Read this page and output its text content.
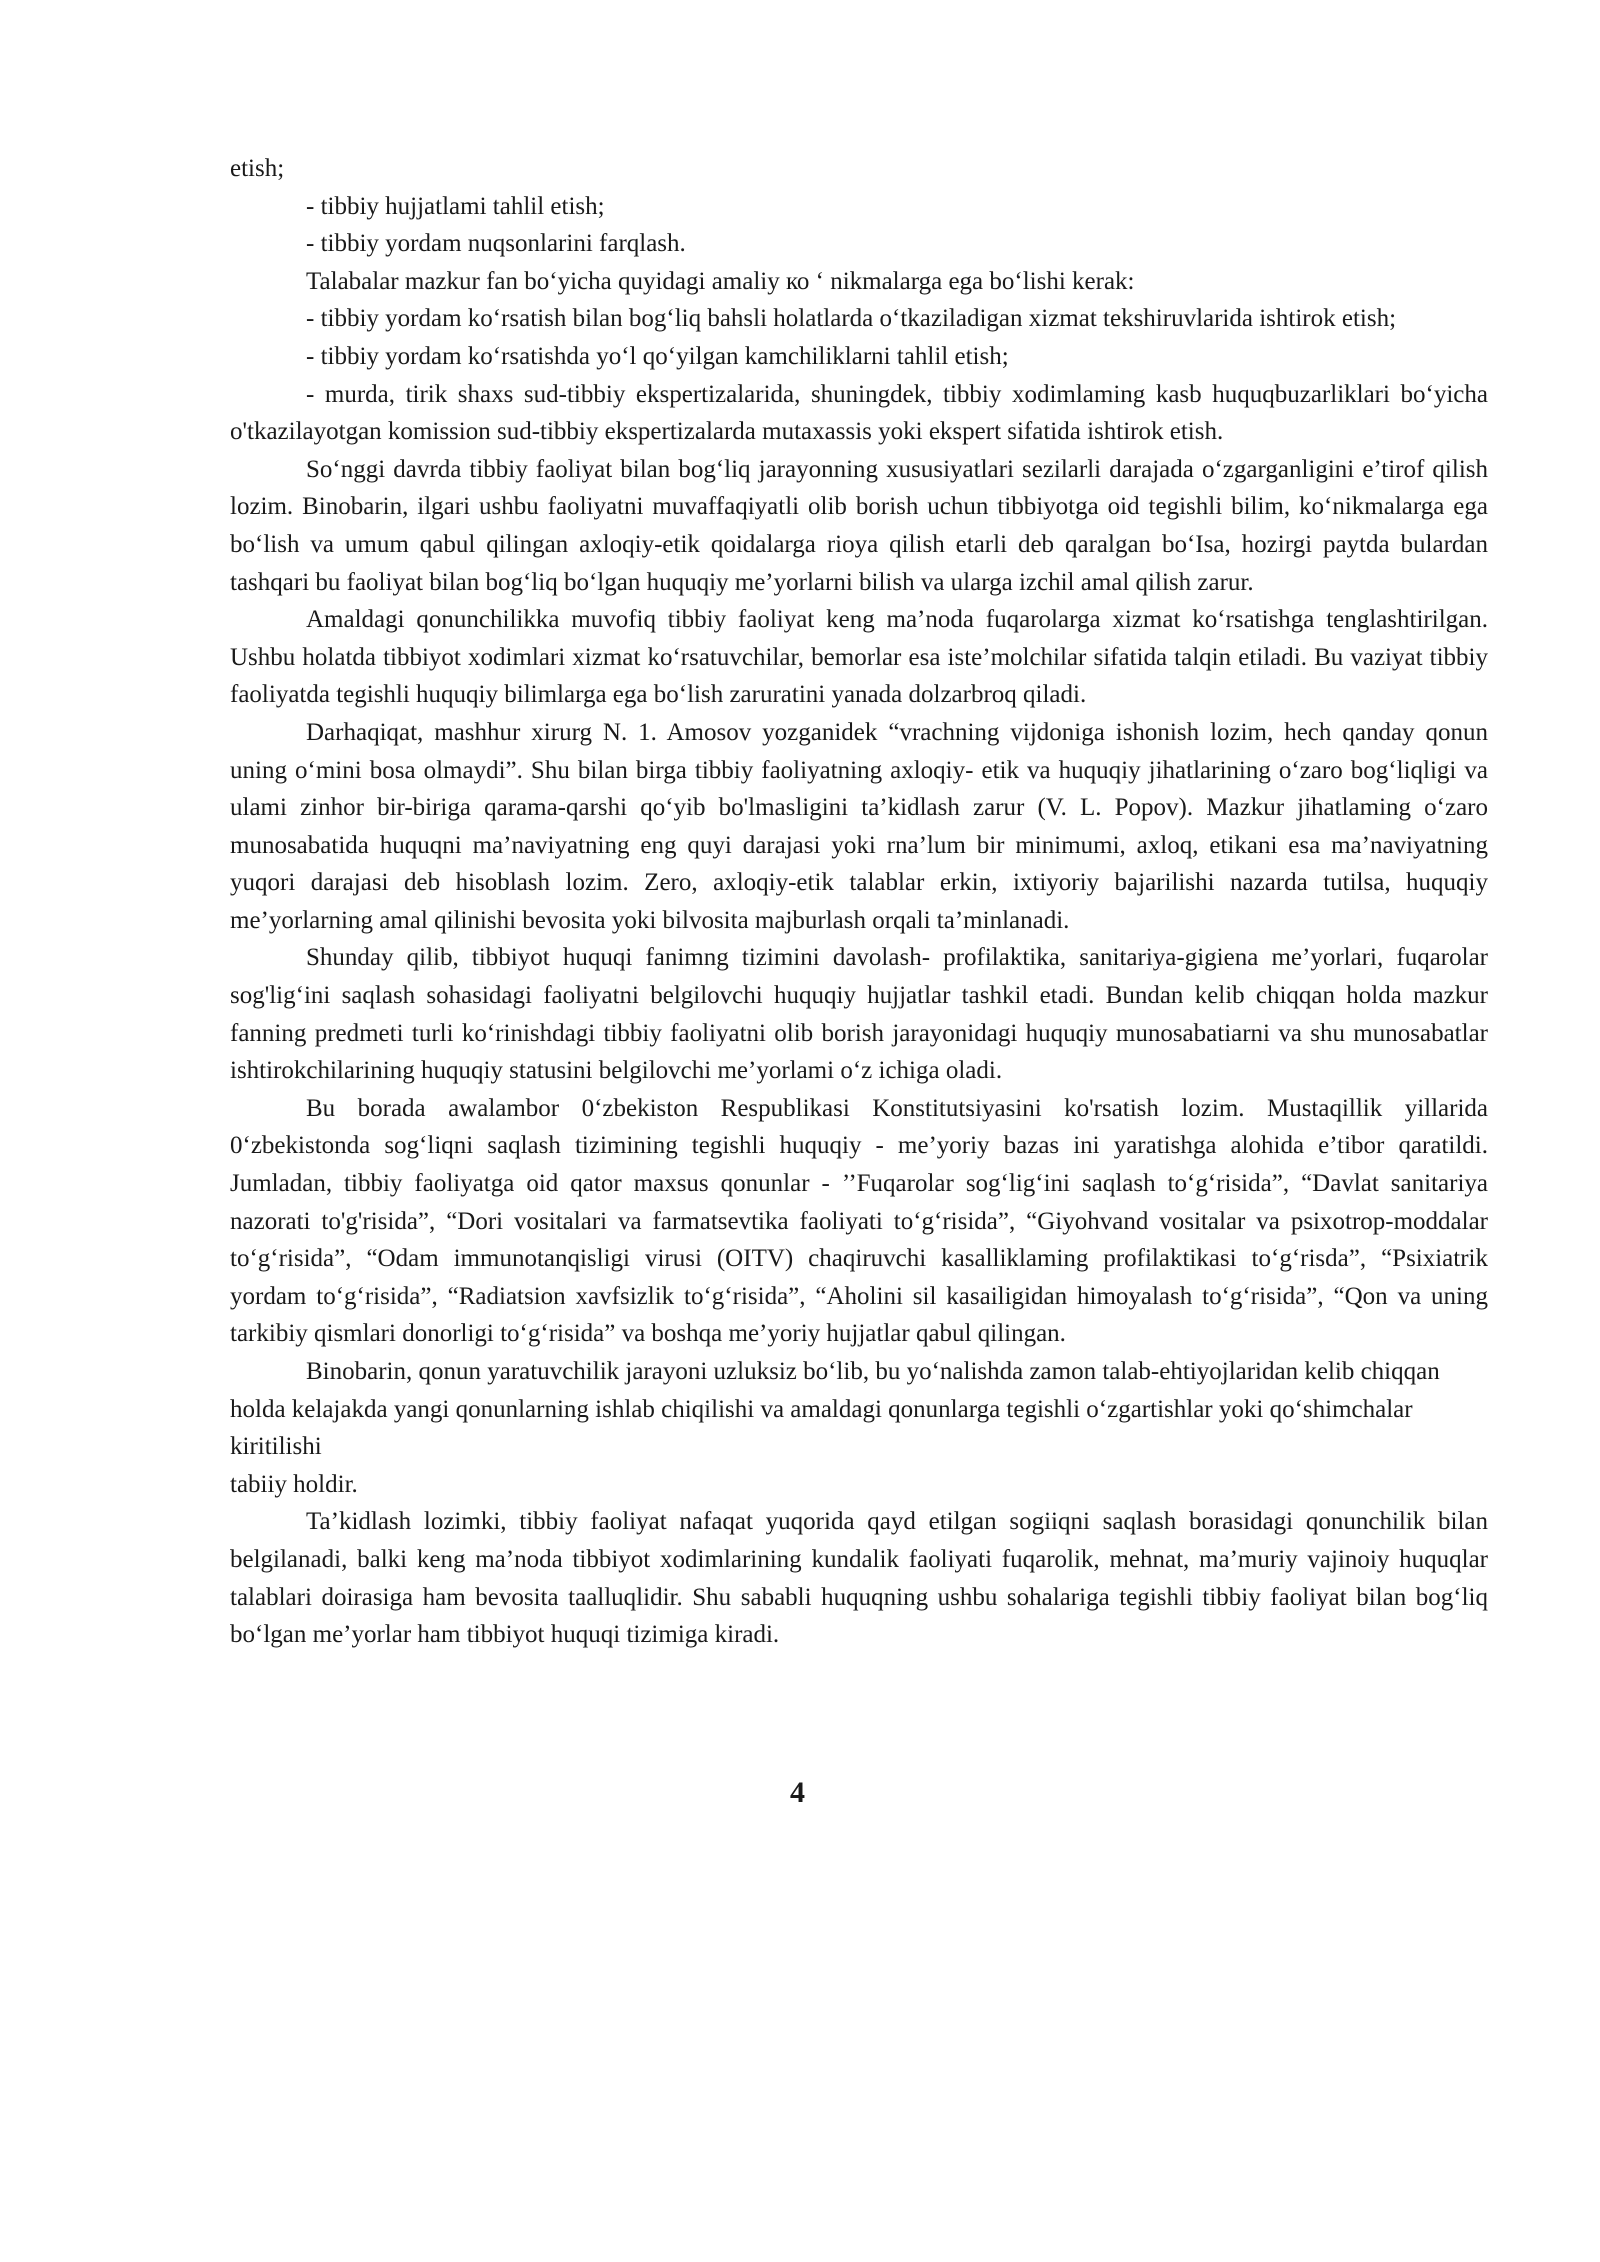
etish;

- tibbiy hujjatlami tahlil etish;

- tibbiy yordam nuqsonlarini farqlash.

Talabalar mazkur fan bo‘yicha quyidagi amaliy ко ‘ nikmalarga ega bo‘lishi kerak:

- tibbiy yordam ko‘rsatish bilan bog‘liq bahsli holatlarda o‘tkaziladigan xizmat tekshiruvlarida ishtirok etish;

- tibbiy yordam ko‘rsatishda yo‘l qo‘yilgan kamchiliklarni tahlil etish;

- murda, tirik shaxs sud-tibbiy ekspertizalarida, shuningdek, tibbiy xodimlaming kasb huquqbuzarliklari bo‘yicha o'tkazilayotgan komission sud-tibbiy ekspertizalarda mutaxassis yoki ekspert sifatida ishtirok etish.

So‘nggi davrda tibbiy faoliyat bilan bog‘liq jarayonning xususiyatlari sezilarli darajada o‘zgarganligini e’tirof qilish lozim. Binobarin, ilgari ushbu faoliyatni muvaffaqiyatli olib borish uchun tibbiyotga oid tegishli bilim, ko‘nikmalarga ega bo‘lish va umum qabul qilingan axloqiy-etik qoidalarga rioya qilish etarli deb qaralgan bo‘Isa, hozirgi paytda bulardan tashqari bu faoliyat bilan bog‘liq bo‘lgan huquqiy me’yorlarni bilish va ularga izchil amal qilish zarur.

Amaldagi qonunchilikka muvofiq tibbiy faoliyat keng ma’noda fuqarolarga xizmat ko‘rsatishga tenglashtirilgan. Ushbu holatda tibbiyot xodimlari xizmat ko‘rsatuvchilar, bemorlar esa iste’molchilar sifatida talqin etiladi. Bu vaziyat tibbiy faoliyatda tegishli huquqiy bilimlarga ega bo‘lish zaruratini yanada dolzarbroq qiladi.

Darhaqiqat, mashhur xirurg N. 1. Amosov yozganidek “vrachning vijdoniga ishonish lozim, hech qanday qonun uning o‘mini bosa olmaydi”. Shu bilan birga tibbiy faoliyatning axloqiy- etik va huquqiy jihatlarining o‘zaro bog‘liqligi va ulami zinhor bir-biriga qarama-qarshi qo‘yib bo'lmasligini ta’kidlash zarur (V. L. Popov). Mazkur jihatlaming o‘zaro munosabatida huquqni ma’naviyatning eng quyi darajasi yoki rna’lum bir minimumi, axloq, etikani esa ma’naviyatning yuqori darajasi deb hisoblash lozim. Zero, axloqiy-etik talablar erkin, ixtiyoriy bajarilishi nazarda tutilsa, huquqiy me’yorlarning amal qilinishi bevosita yoki bilvosita majburlash orqali ta’minlanadi.

Shunday qilib, tibbiyot huquqi fanimng tizimini davolash- profilaktika, sanitariya-gigiena me’yorlari, fuqarolar sog'lig‘ini saqlash sohasidagi faoliyatni belgilovchi huquqiy hujjatlar tashkil etadi. Bundan kelib chiqqan holda mazkur fanning predmeti turli ko‘rinishdagi tibbiy faoliyatni olib borish jarayonidagi huquqiy munosabatiarni va shu munosabatlar ishtirokchilarining huquqiy statusini belgilovchi me’yorlami o‘z ichiga oladi.

Bu borada awalambor 0‘zbekiston Respublikasi Konstitutsiyasini ko'rsatish lozim. Mustaqillik yillarida 0‘zbekistonda sog‘liqni saqlash tizimining tegishli huquqiy - me’yoriy bazas ini yaratishga alohida e’tibor qaratildi. Jumladan, tibbiy faoliyatga oid qator maxsus qonunlar - ’’Fuqarolar sog‘lig‘ini saqlash to‘g‘risida”, “Davlat sanitariya nazorati to'g'risida”, “Dori vositalari va farmatsevtika faoliyati to‘g‘risida”, “Giyohvand vositalar va psixotrop-moddalar to‘g‘risida”, “Odam immunotanqisligi virusi (OITV) chaqiruvchi kasalliklaming profilaktikasi to‘g‘risda”, “Psixiatrik yordam to‘g‘risida”, “Radiatsion xavfsizlik to‘g‘risida”, “Aholini sil kasailigidan himoyalash to‘g‘risida”, “Qon va uning tarkibiy qismlari donorligi to‘g‘risida” va boshqa me’yoriy hujjatlar qabul qilingan.

Binobarin, qonun yaratuvchilik jarayoni uzluksiz bo‘lib, bu yo‘nalishda zamon talab-ehtiyojlaridan kelib chiqqan holda kelajakda yangi qonunlarning ishlab chiqilishi va amaldagi qonunlarga tegishli o‘zgartishlar yoki qo‘shimchalar kiritilishi

tabiiy holdir.

Ta’kidlash lozimki, tibbiy faoliyat nafaqat yuqorida qayd etilgan sogiiqni saqlash borasidagi qonunchilik bilan belgilanadi, balki keng ma’noda tibbiyot xodimlarining kundalik faoliyati fuqarolik, mehnat, ma’muriy vajinoiy huquqlar talablari doirasiga ham bevosita taalluqlidir. Shu sababli huquqning ushbu sohalariga tegishli tibbiy faoliyat bilan bog‘liq bo‘lgan me’yorlar ham tibbiyot huquqi tizimiga kiradi.

4
